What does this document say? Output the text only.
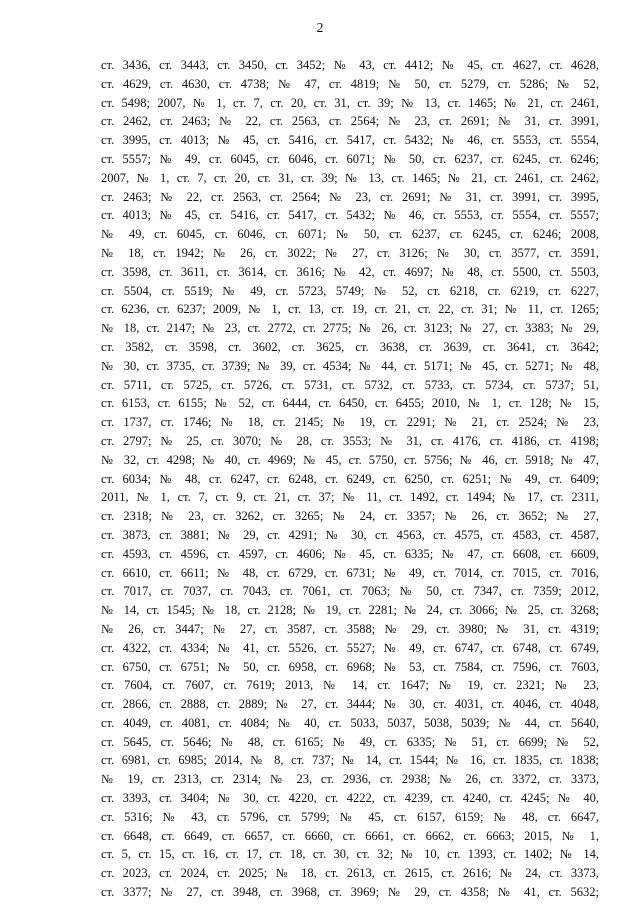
2
ст. 3436, ст. 3443, ст. 3450, ст. 3452; № 43, ст. 4412; № 45, ст. 4627, ст. 4628,
ст. 4629, ст. 4630, ст. 4738; № 47, ст. 4819; № 50, ст. 5279, ст. 5286; № 52,
ст. 5498; 2007, № 1, ст. 7, ст. 20, ст. 31, ст. 39; № 13, ст. 1465; № 21, ст. 2461,
ст. 2462, ст. 2463; № 22, ст. 2563, ст. 2564; № 23, ст. 2691; № 31, ст. 3991,
ст. 3995, ст. 4013; № 45, ст. 5416, ст. 5417, ст. 5432; № 46, ст. 5553, ст. 5554,
ст. 5557; № 49, ст. 6045, ст. 6046, ст. 6071; № 50, ст. 6237, ст. 6245, ст. 6246;
2007, № 1, ст. 7, ст. 20, ст. 31, ст. 39; № 13, ст. 1465; № 21, ст. 2461, ст. 2462,
ст. 2463; № 22, ст. 2563, ст. 2564; № 23, ст. 2691; № 31, ст. 3991, ст. 3995,
ст. 4013; № 45, ст. 5416, ст. 5417, ст. 5432; № 46, ст. 5553, ст. 5554, ст. 5557;
№ 49, ст. 6045, ст. 6046, ст. 6071; № 50, ст. 6237, ст. 6245, ст. 6246; 2008,
№ 18, ст. 1942; № 26, ст. 3022; № 27, ст. 3126; № 30, ст. 3577, ст. 3591,
ст. 3598, ст. 3611, ст. 3614, ст. 3616; № 42, ст. 4697; № 48, ст. 5500, ст. 5503,
ст. 5504, ст. 5519; № 49, ст. 5723, 5749; № 52, ст. 6218, ст. 6219, ст. 6227,
ст. 6236, ст. 6237; 2009, № 1, ст. 13, ст. 19, ст. 21, ст. 22, ст. 31; № 11, ст. 1265;
№ 18, ст. 2147; № 23, ст. 2772, ст. 2775; № 26, ст. 3123; № 27, ст. 3383; № 29,
ст. 3582, ст. 3598, ст. 3602, ст. 3625, ст. 3638, ст. 3639, ст. 3641, ст. 3642;
№ 30, ст. 3735, ст. 3739; № 39, ст. 4534; № 44, ст. 5171; № 45, ст. 5271; № 48,
ст. 5711, ст. 5725, ст. 5726, ст. 5731, ст. 5732, ст. 5733, ст. 5734, ст. 5737; 51,
ст. 6153, ст. 6155; № 52, ст. 6444, ст. 6450, ст. 6455; 2010, № 1, ст. 128; № 15,
ст. 1737, ст. 1746; № 18, ст. 2145; № 19, ст. 2291; № 21, ст. 2524; № 23,
ст. 2797; № 25, ст. 3070; № 28, ст. 3553; № 31, ст. 4176, ст. 4186, ст. 4198;
№ 32, ст. 4298; № 40, ст. 4969; № 45, ст. 5750, ст. 5756; № 46, ст. 5918; № 47,
ст. 6034; № 48, ст. 6247, ст. 6248, ст. 6249, ст. 6250, ст. 6251; № 49, ст. 6409;
2011, № 1, ст. 7, ст. 9, ст. 21, ст. 37; № 11, ст. 1492, ст. 1494; № 17, ст. 2311,
ст. 2318; № 23, ст. 3262, ст. 3265; № 24, ст. 3357; № 26, ст. 3652; № 27,
ст. 3873, ст. 3881; № 29, ст. 4291; № 30, ст. 4563, ст. 4575, ст. 4583, ст. 4587,
ст. 4593, ст. 4596, ст. 4597, ст. 4606; № 45, ст. 6335; № 47, ст. 6608, ст. 6609,
ст. 6610, ст. 6611; № 48, ст. 6729, ст. 6731; № 49, ст. 7014, ст. 7015, ст. 7016,
ст. 7017, ст. 7037, ст. 7043, ст. 7061, ст. 7063; № 50, ст. 7347, ст. 7359; 2012,
№ 14, ст. 1545; № 18, ст. 2128; № 19, ст. 2281; № 24, ст. 3066; № 25, ст. 3268;
№ 26, ст. 3447; № 27, ст. 3587, ст. 3588; № 29, ст. 3980; № 31, ст. 4319;
ст. 4322, ст. 4334; № 41, ст. 5526, ст. 5527; № 49, ст. 6747, ст. 6748, ст. 6749,
ст. 6750, ст. 6751; № 50, ст. 6958, ст. 6968; № 53, ст. 7584, ст. 7596, ст. 7603,
ст. 7604, ст. 7607, ст. 7619; 2013, № 14, ст. 1647; № 19, ст. 2321; № 23,
ст. 2866, ст. 2888, ст. 2889; № 27, ст. 3444; № 30, ст. 4031, ст. 4046, ст. 4048,
ст. 4049, ст. 4081, ст. 4084; № 40, ст. 5033, 5037, 5038, 5039; № 44, ст. 5640,
ст. 5645, ст. 5646; № 48, ст. 6165; № 49, ст. 6335; № 51, ст. 6699; № 52,
ст. 6981, ст. 6985; 2014, № 8, ст. 737; № 14, ст. 1544; № 16, ст. 1835, ст. 1838;
№ 19, ст. 2313, ст. 2314; № 23, ст. 2936, ст. 2938; № 26, ст. 3372, ст. 3373,
ст. 3393, ст. 3404; № 30, ст. 4220, ст. 4222, ст. 4239, ст. 4240, ст. 4245; № 40,
ст. 5316; № 43, ст. 5796, ст. 5799; № 45, ст. 6157, 6159; № 48, ст. 6647,
ст. 6648, ст. 6649, ст. 6657, ст. 6660, ст. 6661, ст. 6662, ст. 6663; 2015, № 1,
ст. 5, ст. 15, ст. 16, ст. 17, ст. 18, ст. 30, ст. 32; № 10, ст. 1393, ст. 1402; № 14,
ст. 2023, ст. 2024, ст. 2025; № 18, ст. 2613, ст. 2615, ст. 2616; № 24, ст. 3373,
ст. 3377; № 27, ст. 3948, ст. 3968, ст. 3969; № 29, ст. 4358; № 41, ст. 5632;
